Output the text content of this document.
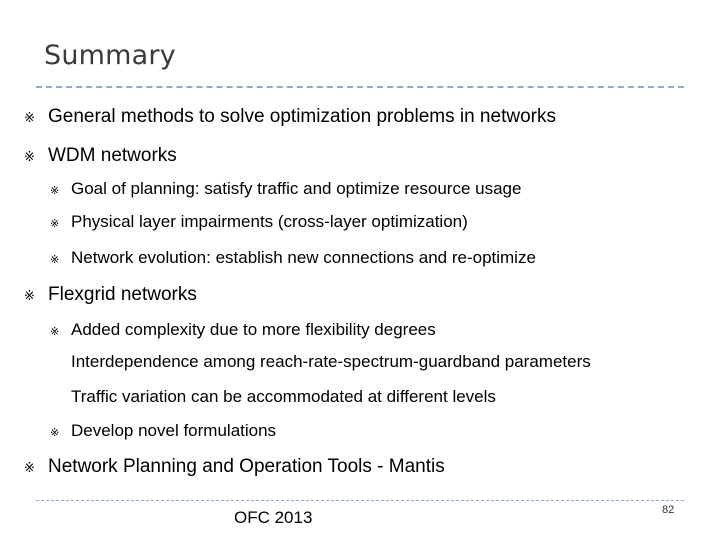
Summary
※ General methods to solve optimization problems in networks
※ WDM networks
※ Goal of planning: satisfy traffic and optimize resource usage
※ Physical layer impairments (cross-layer optimization)
※ Network evolution: establish new connections and re-optimize
※ Flexgrid networks
※ Added complexity due to more flexibility degrees
Interdependence among reach-rate-spectrum-guardband parameters
Traffic variation can be accommodated at different levels
※ Develop novel formulations
※ Network Planning and Operation Tools - Mantis
OFC 2013	82
